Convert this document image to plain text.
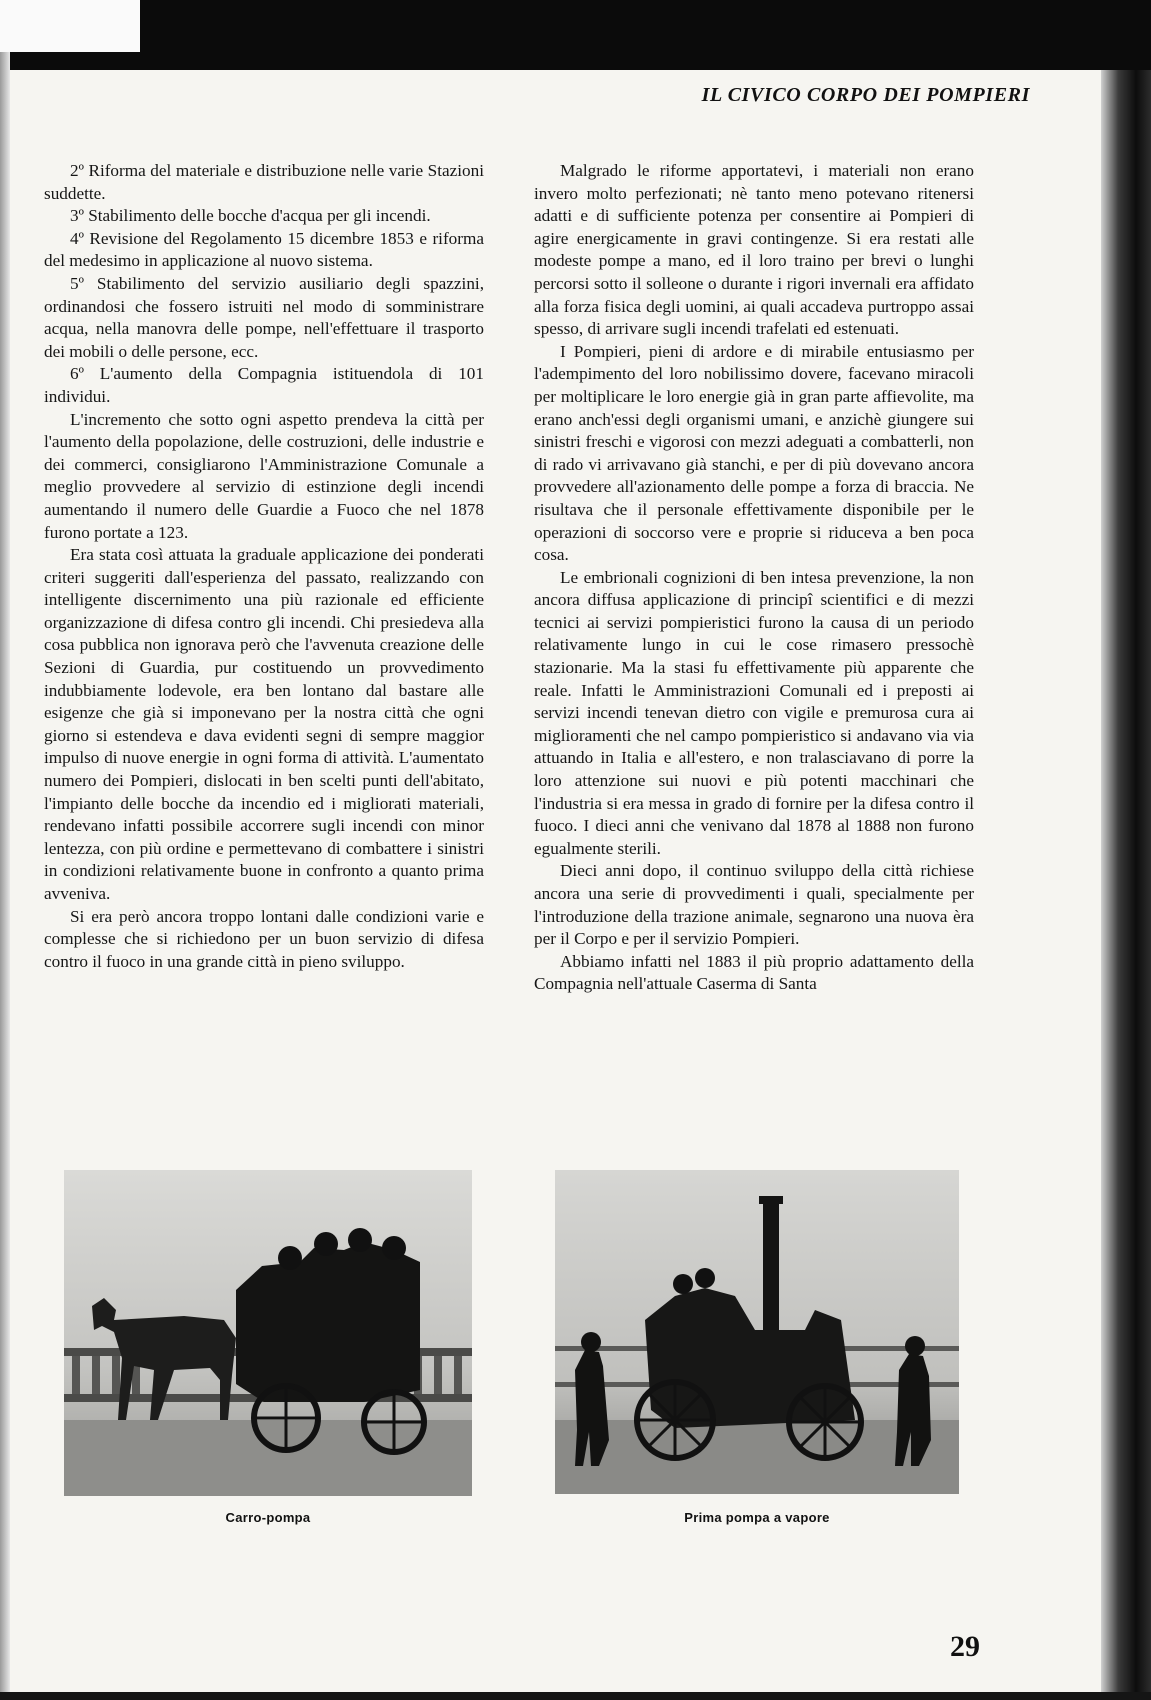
IL CIVICO CORPO DEI POMPIERI

2º Riforma del materiale e distribuzione nelle varie Stazioni suddette.

3º Stabilimento delle bocche d'acqua per gli incendi.

4º Revisione del Regolamento 15 dicembre 1853 e riforma del medesimo in applicazione al nuovo sistema.

5º Stabilimento del servizio ausiliario degli spazzini, ordinandosi che fossero istruiti nel modo di somministrare acqua, nella manovra delle pompe, nell'effettuare il trasporto dei mobili o delle persone, ecc.

6º L'aumento della Compagnia istituendola di 101 individui.

L'incremento che sotto ogni aspetto prendeva la città per l'aumento della popolazione, delle costruzioni, delle industrie e dei commerci, consigliarono l'Amministrazione Comunale a meglio provvedere al servizio di estinzione degli incendi aumentando il numero delle Guardie a Fuoco che nel 1878 furono portate a 123.

Era stata così attuata la graduale applicazione dei ponderati criteri suggeriti dall'esperienza del passato, realizzando con intelligente discernimento una più razionale ed efficiente organizzazione di difesa contro gli incendi. Chi presiedeva alla cosa pubblica non ignorava però che l'avvenuta creazione delle Sezioni di Guardia, pur costituendo un provvedimento indubbiamente lodevole, era ben lontano dal bastare alle esigenze che già si imponevano per la nostra città che ogni giorno si estendeva e dava evidenti segni di sempre maggior impulso di nuove energie in ogni forma di attività. L'aumentato numero dei Pompieri, dislocati in ben scelti punti dell'abitato, l'impianto delle bocche da incendio ed i migliorati materiali, rendevano infatti possibile accorrere sugli incendi con minor lentezza, con più ordine e permettevano di combattere i sinistri in condizioni relativamente buone in confronto a quanto prima avveniva.

Si era però ancora troppo lontani dalle condizioni varie e complesse che si richiedono per un buon servizio di difesa contro il fuoco in una grande città in pieno sviluppo.

Malgrado le riforme apportatevi, i materiali non erano invero molto perfezionati; nè tanto meno potevano ritenersi adatti e di sufficiente potenza per consentire ai Pompieri di agire energicamente in gravi contingenze. Si era restati alle modeste pompe a mano, ed il loro traino per brevi o lunghi percorsi sotto il solleone o durante i rigori invernali era affidato alla forza fisica degli uomini, ai quali accadeva purtroppo assai spesso, di arrivare sugli incendi trafelati ed estenuati.

I Pompieri, pieni di ardore e di mirabile entusiasmo per l'adempimento del loro nobilissimo dovere, facevano miracoli per moltiplicare le loro energie già in gran parte affievolite, ma erano anch'essi degli organismi umani, e anzichè giungere sui sinistri freschi e vigorosi con mezzi adeguati a combatterli, non di rado vi arrivavano già stanchi, e per di più dovevano ancora provvedere all'azionamento delle pompe a forza di braccia. Ne risultava che il personale effettivamente disponibile per le operazioni di soccorso vere e proprie si riduceva a ben poca cosa.

Le embrionali cognizioni di ben intesa prevenzione, la non ancora diffusa applicazione di principî scientifici e di mezzi tecnici ai servizi pompieristici furono la causa di un periodo relativamente lungo in cui le cose rimasero pressochè stazionarie. Ma la stasi fu effettivamente più apparente che reale. Infatti le Amministrazioni Comunali ed i preposti ai servizi incendi tenevan dietro con vigile e premurosa cura ai miglioramenti che nel campo pompieristico si andavano via via attuando in Italia e all'estero, e non tralasciavano di porre la loro attenzione sui nuovi e più potenti macchinari che l'industria si era messa in grado di fornire per la difesa contro il fuoco. I dieci anni che venivano dal 1878 al 1888 non furono egualmente sterili.

Dieci anni dopo, il continuo sviluppo della città richiese ancora una serie di provvedimenti i quali, specialmente per l'introduzione della trazione animale, segnarono una nuova èra per il Corpo e per il servizio Pompieri.

Abbiamo infatti nel 1883 il più proprio adattamento della Compagnia nell'attuale Caserma di Santa

Carro-pompa	Prima pompa a vapore
29
